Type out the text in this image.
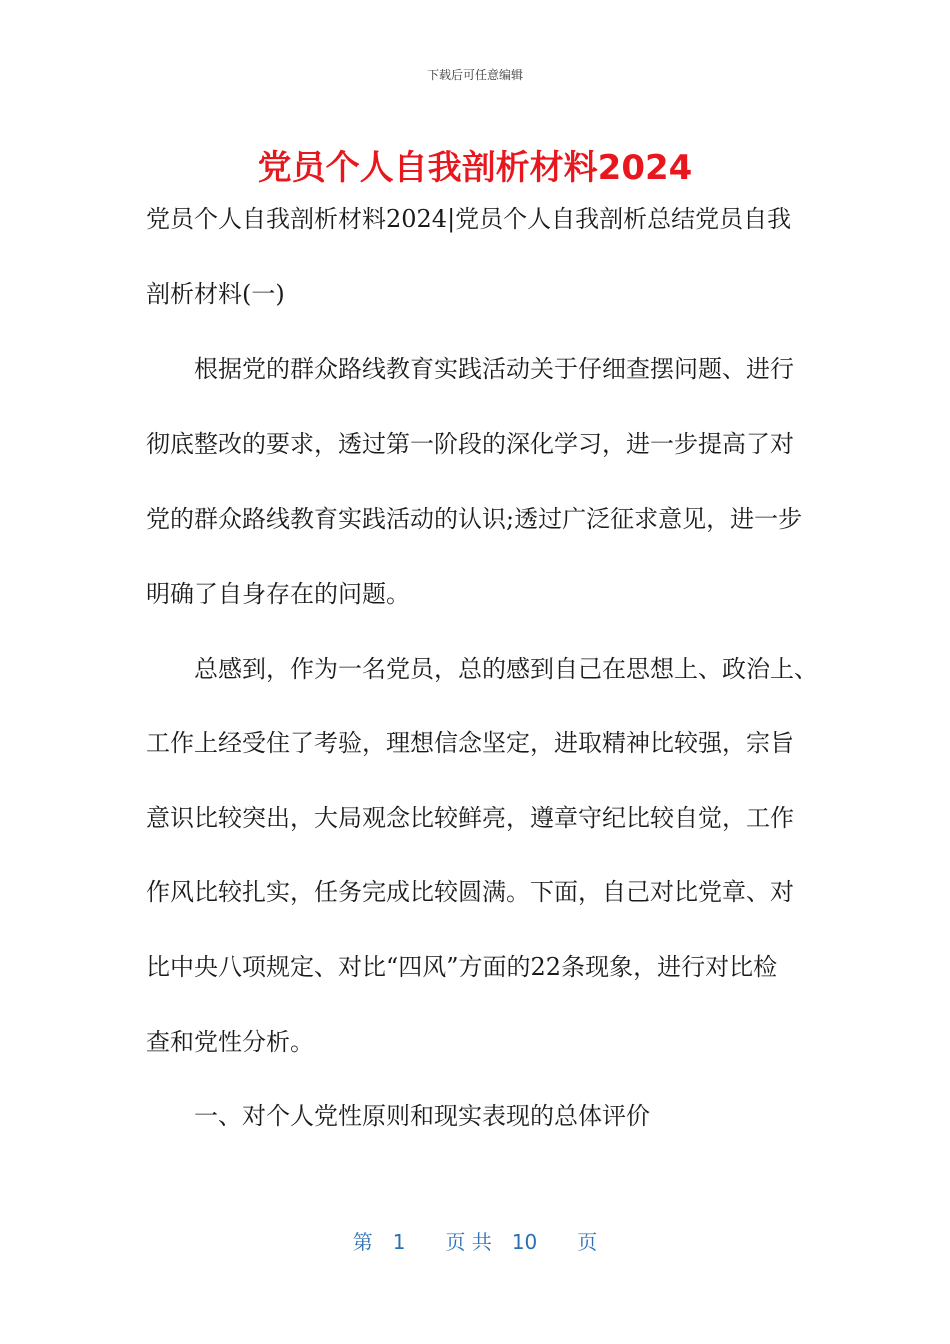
下载后可任意编辑
党员个人自我剖析材料2024
党员个人自我剖析材料2024|党员个人自我剖析总结党员自我
剖析材料(一)
　　根据党的群众路线教育实践活动关于仔细查摆问题、进行
彻底整改的要求，透过第一阶段的深化学习，进一步提高了对
党的群众路线教育实践活动的认识;透过广泛征求意见，进一步
明确了自身存在的问题。
　　总感到，作为一名党员，总的感到自己在思想上、政治上、
工作上经受住了考验，理想信念坚定，进取精神比较强，宗旨
意识比较突出，大局观念比较鲜亮，遵章守纪比较自觉，工作
作风比较扎实，任务完成比较圆满。下面，自己对比党章、对
比中央八项规定、对比“四风”方面的22条现象，进行对比检
查和党性分析。
　　一、对个人党性原则和现实表现的总体评价
第　1　　页 共　10　　页
